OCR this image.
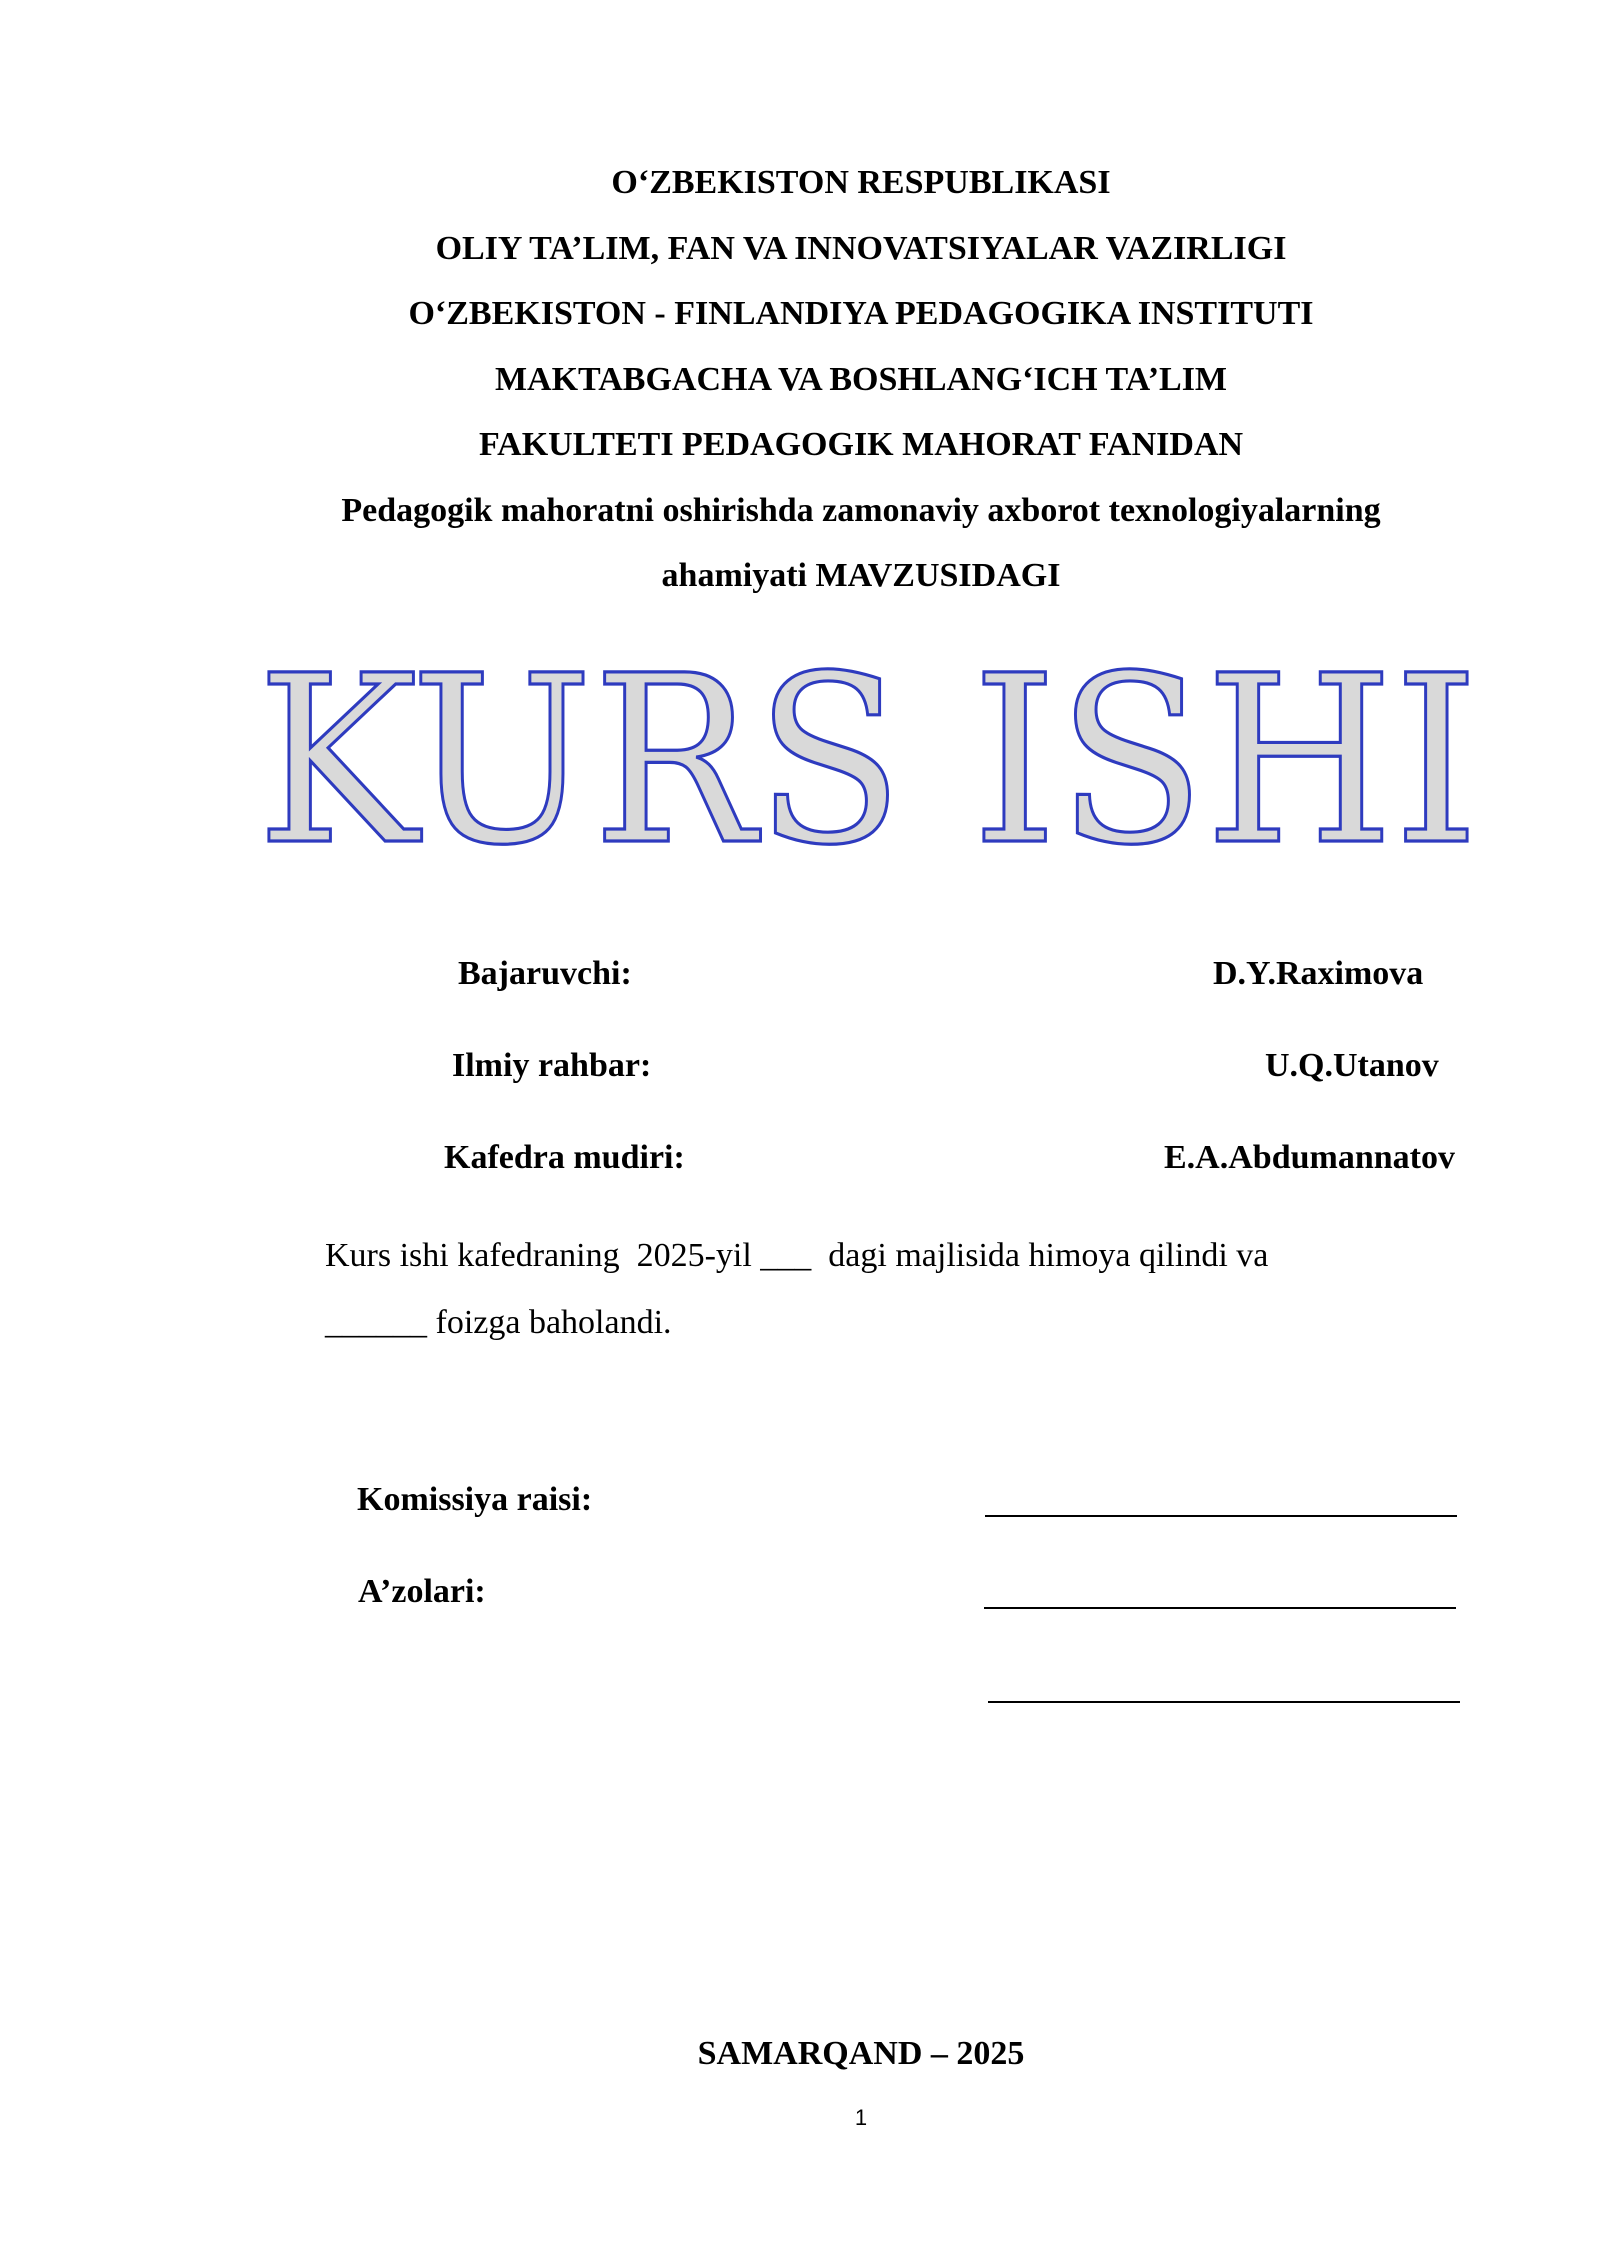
O‘ZBEKISTON RESPUBLIKASI
OLIY TA’LIM, FAN VA INNOVATSIYALAR VAZIRLIGI
O‘ZBEKISTON - FINLANDIYA PEDAGOGIKA INSTITUTI
MAKTABGACHA VA BOSHLANG‘ICH TA’LIM
FAKULTETI PEDAGOGIK MAHORAT FANIDAN
Pedagogik mahoratni oshirishda zamonaviy axborot texnologiyalarning
ahamiyati MAVZUSIDAGI
KURS ISHI
Bajaruvchi:	D.Y.Raximova
Ilmiy rahbar:	U.Q.Utanov
Kafedra mudiri:	E.A.Abdumannatov
Kurs ishi kafedraning  2025-yil ___  dagi majlisida himoya qilindi va
______ foizga baholandi.
Komissiya raisi:
A’zolari:
SAMARQAND – 2025
1
